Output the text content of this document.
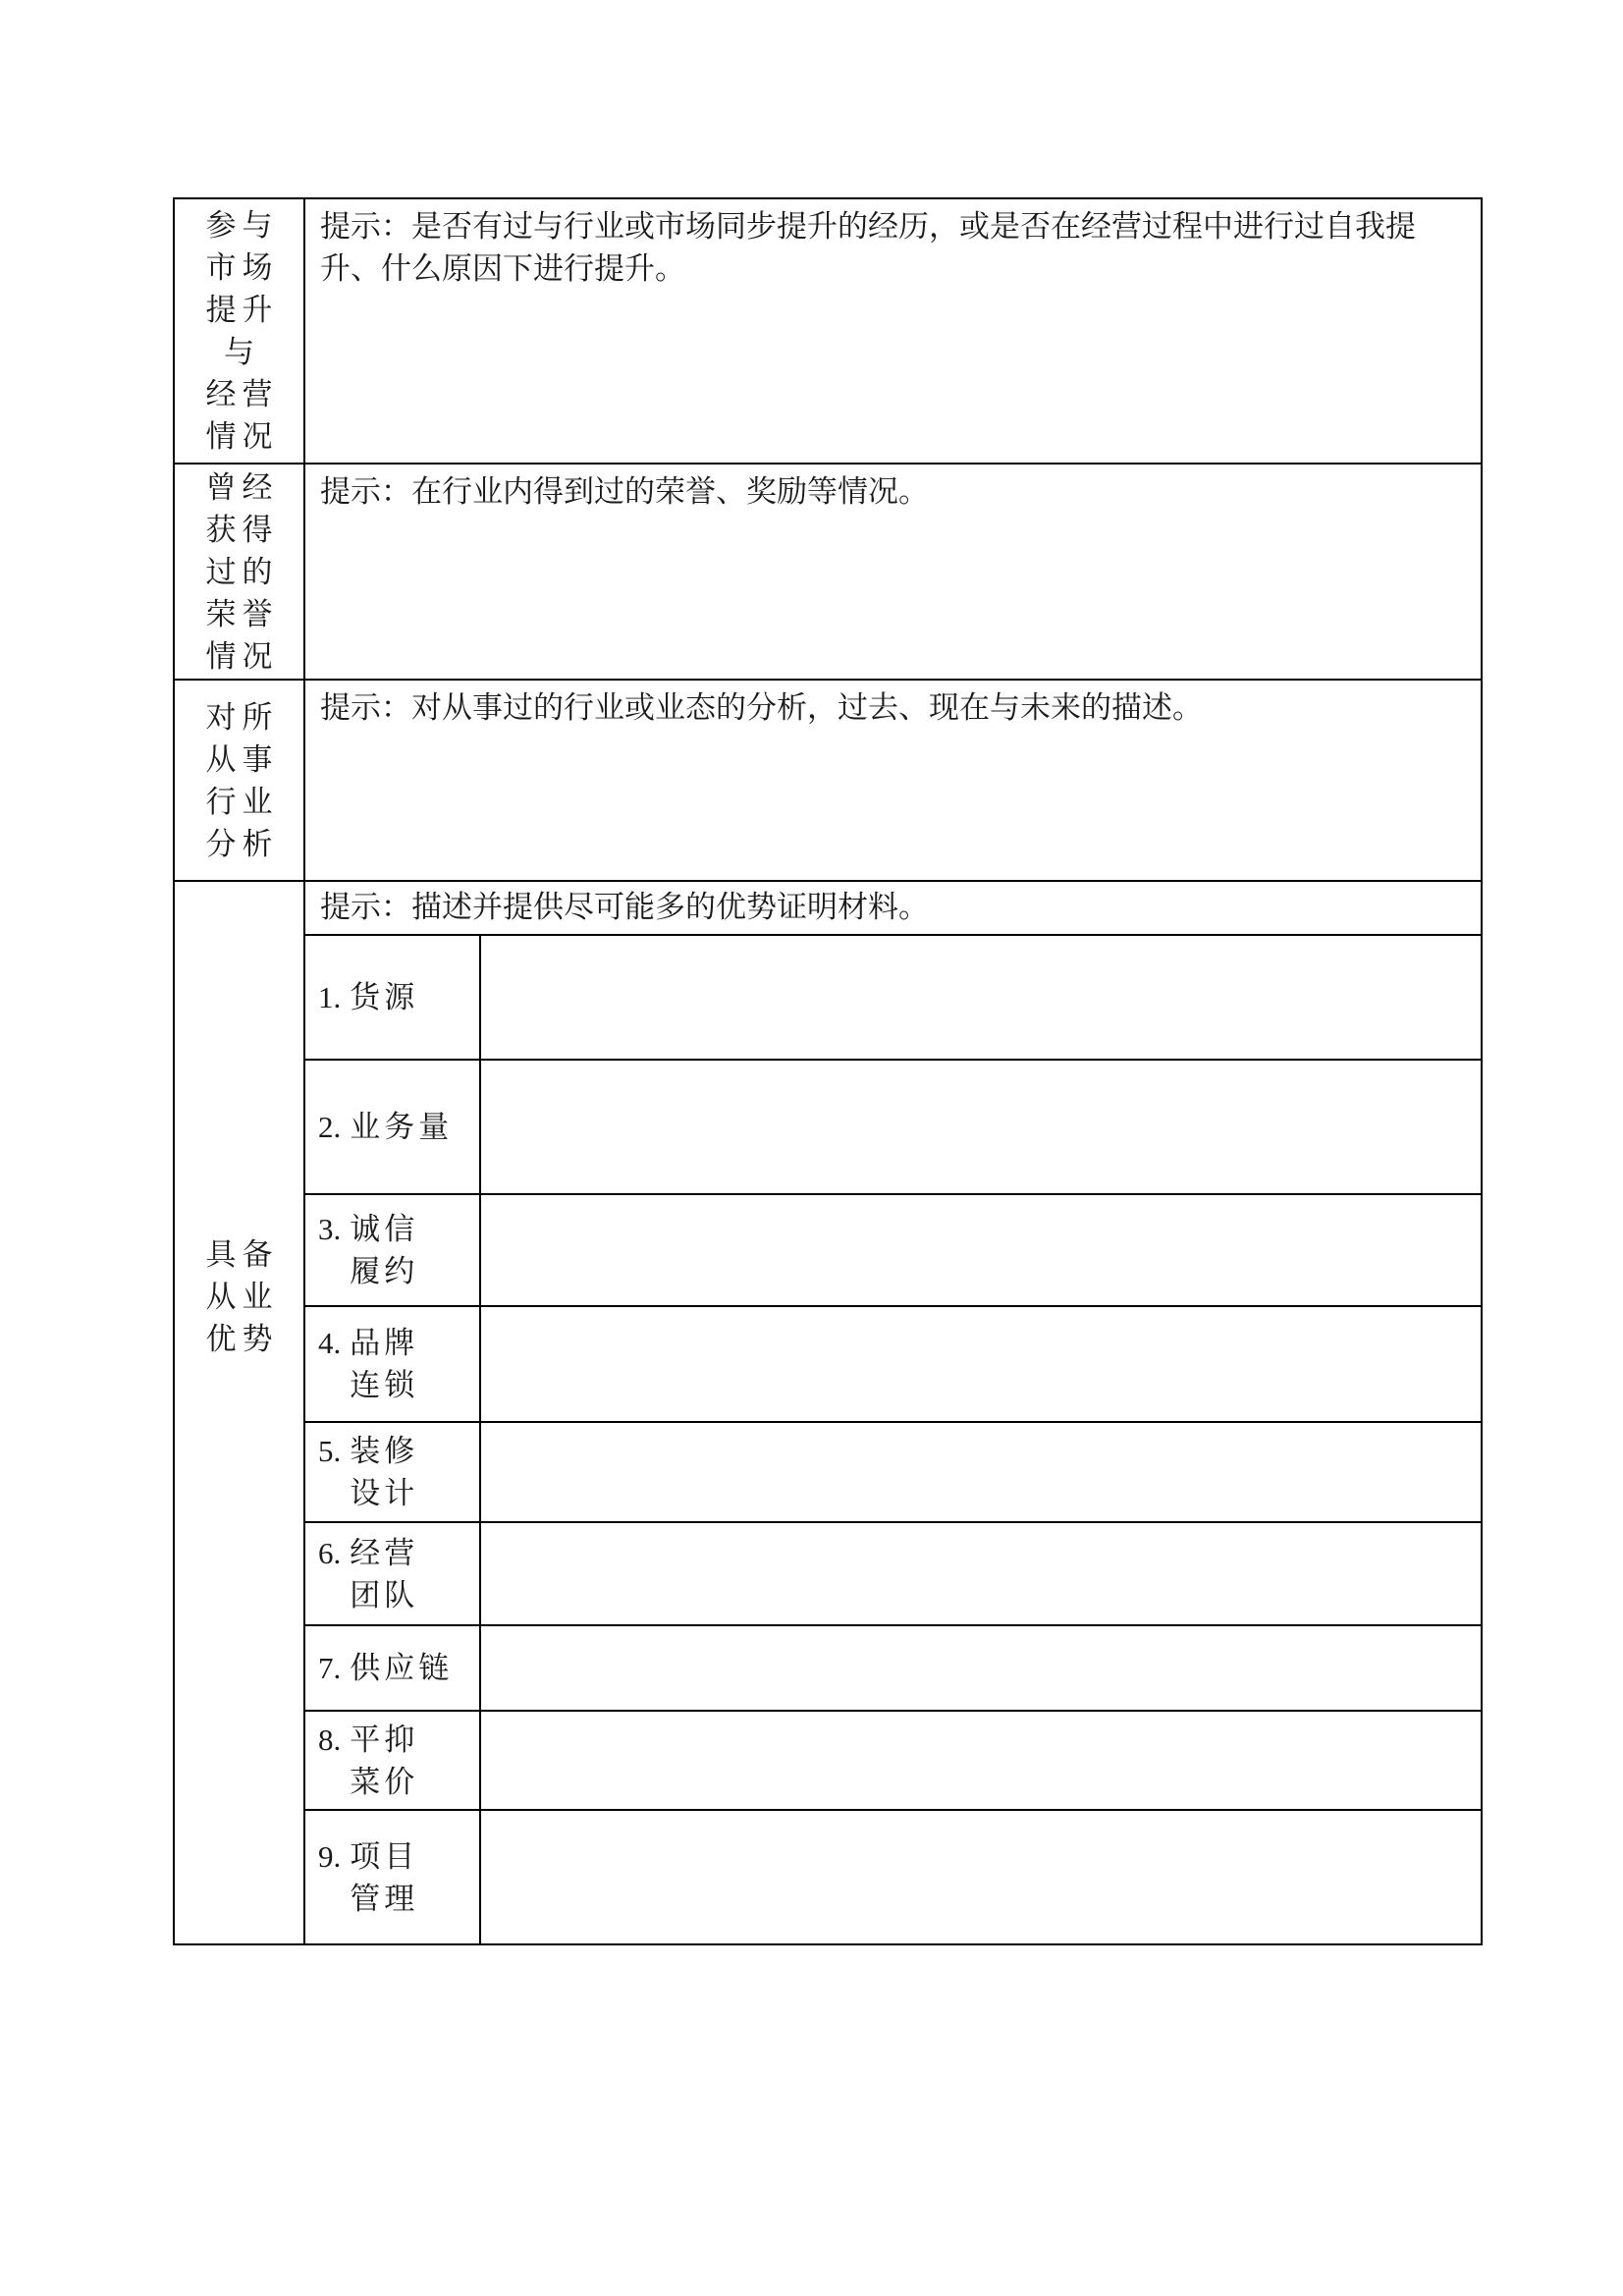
参与
市场
提升
与
经营
情况
提示：是否有过与行业或市场同步提升的经历，或是否在经营过程中进行过自我提升、什么原因下进行提升。
曾经
获得
过的
荣誉
情况
提示：在行业内得到过的荣誉、奖励等情况。
对所
从事
行业
分析
提示：对从事过的行业或业态的分析，过去、现在与未来的描述。
具备
从业
优势
提示：描述并提供尽可能多的优势证明材料。
1. 货源
2. 业务量
3. 诚信
履约
4. 品牌
连锁
5. 装修
设计
6. 经营
团队
7. 供应链
8. 平抑
菜价
9. 项目
管理
